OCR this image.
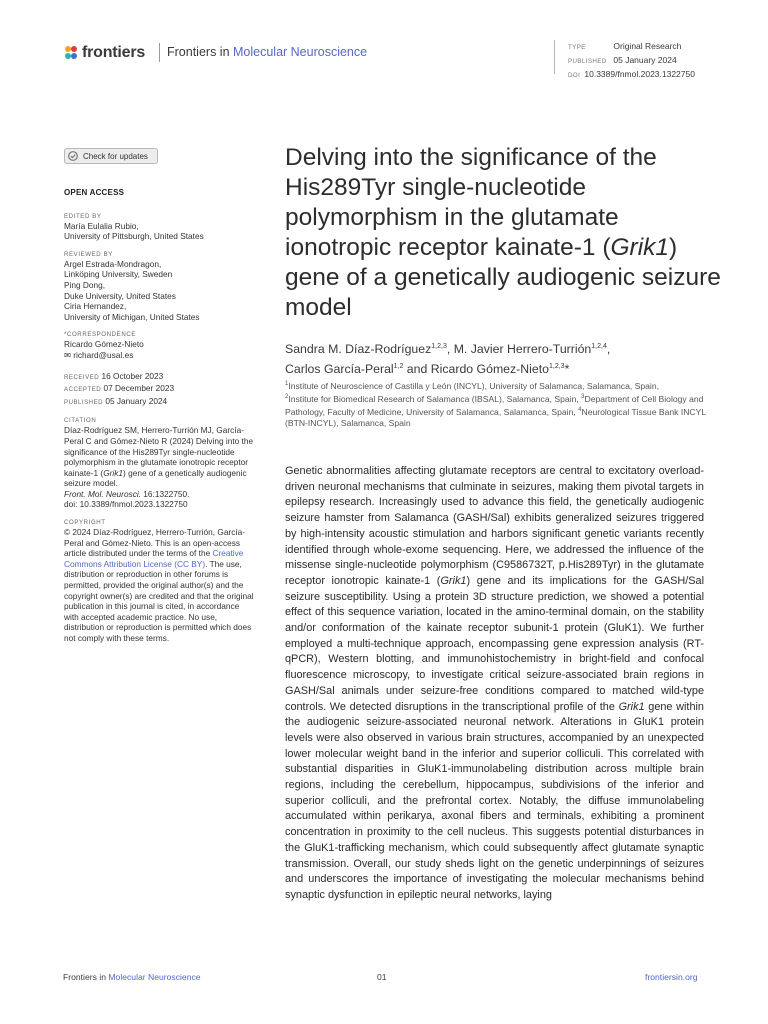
frontiers Frontiers in Molecular Neuroscience	TYPE	Original Research
PUBLISHED 05 January 2024
DOI 10.3389/fnmol.2023.1322750
Check for updates
OPEN ACCESS
EDITED BY
María Eulalia Rubio,
University of Pittsburgh, United States
REVIEWED BY
Argel Estrada-Mondragon,
Linköping University, Sweden
Ping Dong,
Duke University, United States
Ciria Hernandez,
University of Michigan, United States
*CORRESPONDENCE
Ricardo Gómez-Nieto
✉ richard@usal.es
RECEIVED 16 October 2023
ACCEPTED 07 December 2023
PUBLISHED 05 January 2024
CITATION
Díaz-Rodríguez SM, Herrero-Turrión MJ, García-Peral C and Gómez-Nieto R (2024) Delving into the significance of the His289Tyr single-nucleotide polymorphism in the glutamate ionotropic receptor kainate-1 (Grik1) gene of a genetically audiogenic seizure model.
Front. Mol. Neurosci. 16:1322750.
doi: 10.3389/fnmol.2023.1322750
COPYRIGHT
© 2024 Díaz-Rodríguez, Herrero-Turrión, García-Peral and Gómez-Nieto. This is an open-access article distributed under the terms of the Creative Commons Attribution License (CC BY). The use, distribution or reproduction in other forums is permitted, provided the original author(s) and the copyright owner(s) are credited and that the original publication in this journal is cited, in accordance with accepted academic practice. No use, distribution or reproduction is permitted which does not comply with these terms.
Delving into the significance of the His289Tyr single-nucleotide polymorphism in the glutamate ionotropic receptor kainate-1 (Grik1) gene of a genetically audiogenic seizure model
Sandra M. Díaz-Rodríguez$^{1,2,3}$, M. Javier Herrero-Turrión$^{1,2,4}$,
Carlos García-Peral$^{1,2}$ and Ricardo Gómez-Nieto$^{1,2,3}$*
$^1$Institute of Neuroscience of Castilla y León (INCYL), University of Salamanca, Salamanca, Spain,
$^2$Institute for Biomedical Research of Salamanca (IBSAL), Salamanca, Spain, $^3$Department of Cell Biology and Pathology, Faculty of Medicine, University of Salamanca, Salamanca, Spain, $^4$Neurological Tissue Bank INCYL (BTN-INCYL), Salamanca, Spain

Genetic abnormalities affecting glutamate receptors are central to excitatory overload-driven neuronal mechanisms that culminate in seizures, making them pivotal targets in epilepsy research. Increasingly used to advance this field, the genetically audiogenic seizure hamster from Salamanca (GASH/Sal) exhibits generalized seizures triggered by high-intensity acoustic stimulation and harbors significant genetic variants recently identified through whole-exome sequencing. Here, we addressed the influence of the missense single-nucleotide polymorphism (C9586732T, p.His289Tyr) in the glutamate receptor ionotropic kainate-1 (Grik1) gene and its implications for the GASH/Sal seizure susceptibility. Using a protein 3D structure prediction, we showed a potential effect of this sequence variation, located in the amino-terminal domain, on the stability and/or conformation of the kainate receptor subunit-1 protein (GluK1). We further employed a multi-technique approach, encompassing gene expression analysis (RT-qPCR), Western blotting, and immunohistochemistry in bright-field and confocal fluorescence microscopy, to investigate critical seizure-associated brain regions in GASH/Sal animals under seizure-free conditions compared to matched wild-type controls. We detected disruptions in the transcriptional profile of the Grik1 gene within the audiogenic seizure-associated neuronal network. Alterations in GluK1 protein levels were also observed in various brain structures, accompanied by an unexpected lower molecular weight band in the inferior and superior colliculi. This correlated with substantial disparities in GluK1-immunolabeling distribution across multiple brain regions, including the cerebellum, hippocampus, subdivisions of the inferior and superior colliculi, and the prefrontal cortex. Notably, the diffuse immunolabeling accumulated within perikarya, axonal fibers and terminals, exhibiting a prominent concentration in proximity to the cell nucleus. This suggests potential disturbances in the GluK1-trafficking mechanism, which could subsequently affect glutamate synaptic transmission. Overall, our study sheds light on the genetic underpinnings of seizures and underscores the importance of investigating the molecular mechanisms behind synaptic dysfunction in epileptic neural networks, laying

Frontiers in Molecular Neuroscience	01	frontiersin.org
